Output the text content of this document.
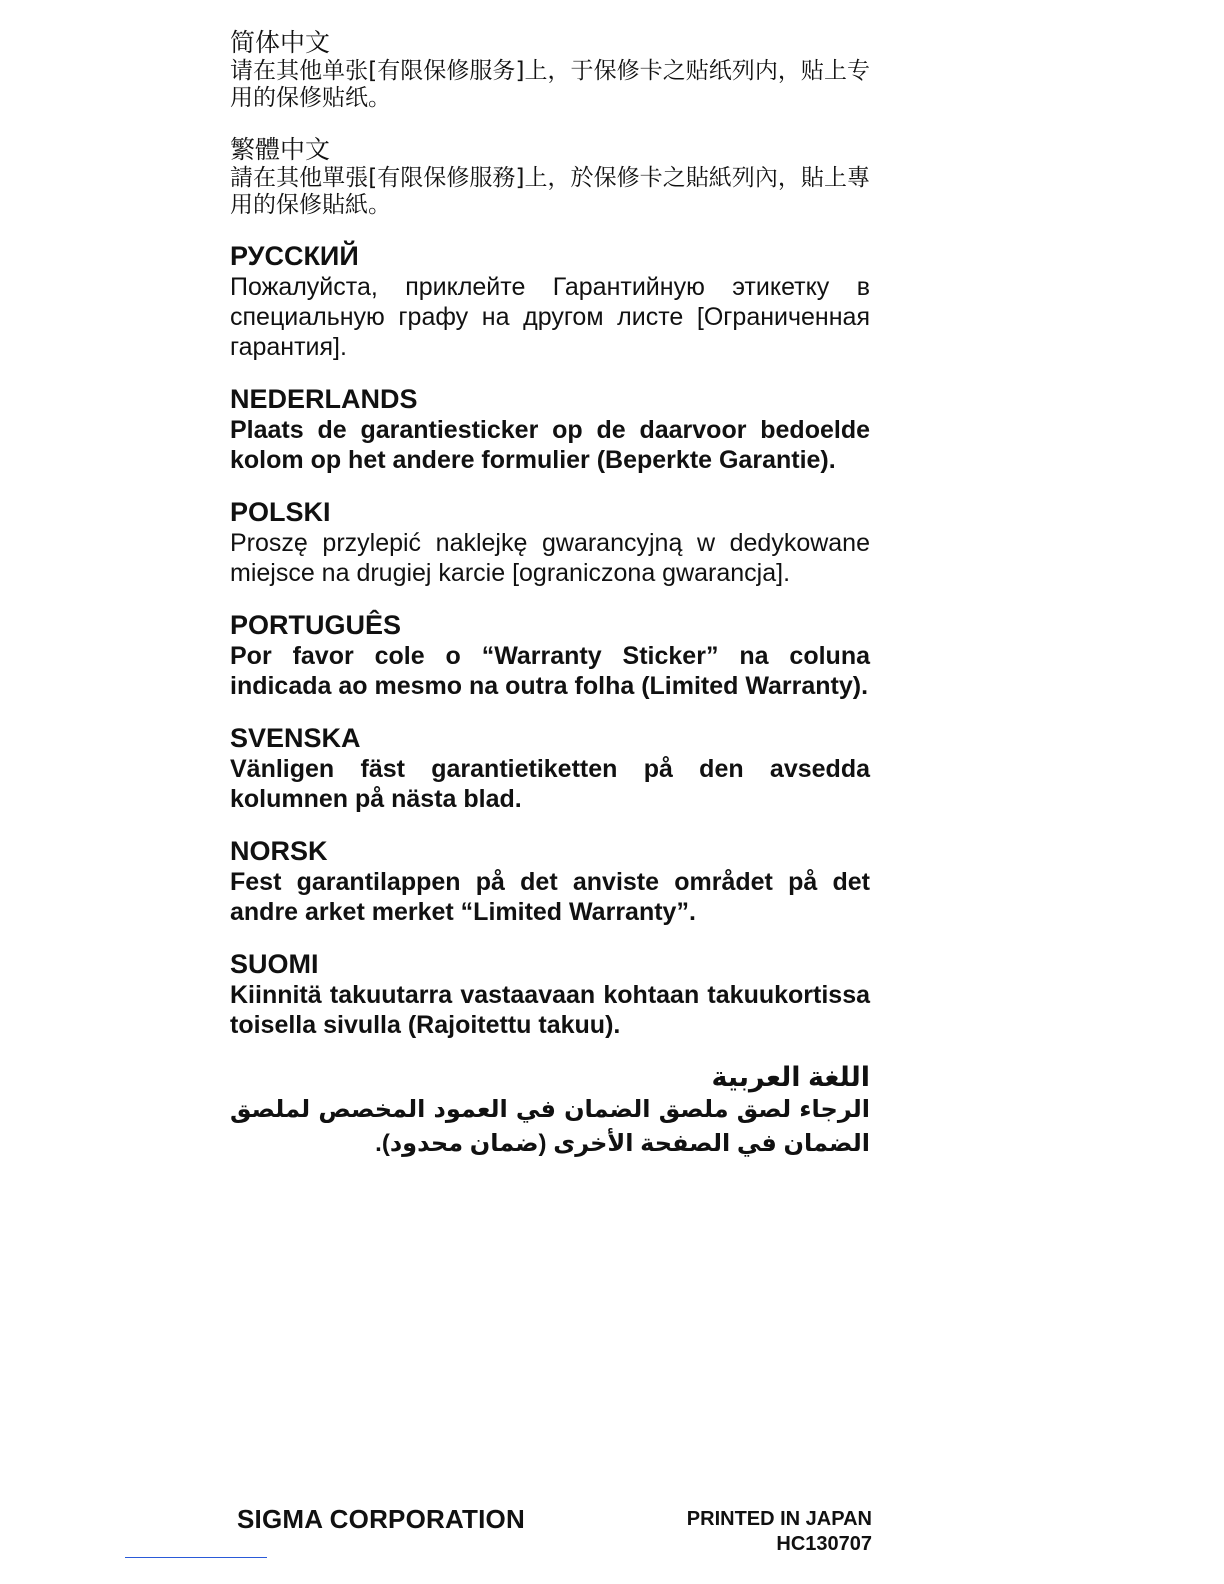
简体中文

请在其他单张[有限保修服务]上，于保修卡之贴纸列内，贴上专用的保修贴纸。

繁體中文

請在其他單張[有限保修服務]上，於保修卡之貼紙列內，貼上專用的保修貼紙。

РУССКИЙ

Пожалуйста, приклейте Гарантийную этикетку в специальную графу на другом листе [Ограниченная гарантия].

NEDERLANDS

Plaats de garantiesticker op de daarvoor bedoelde kolom op het andere formulier (Beperkte Garantie).

POLSKI

Proszę przylepić naklejkę gwarancyjną w dedykowane miejsce na drugiej karcie [ograniczona gwarancja].

PORTUGUÊS

Por favor cole o “Warranty Sticker” na coluna indicada ao mesmo na outra folha (Limited Warranty).

SVENSKA

Vänligen fäst garantietiketten på den avsedda kolumnen på nästa blad.

NORSK

Fest garantilappen på det anviste området på det andre arket merket “Limited Warranty”.

SUOMI

Kiinnitä takuutarra vastaavaan kohtaan takuukortissa toisella sivulla (Rajoitettu takuu).

اللغة العربية

الرجاء لصق ملصق الضمان في العمود المخصص لملصق الضمان في الصفحة الأخرى (ضمان محدود).

SIGMA CORPORATION	PRINTED IN JAPAN
HC130707
